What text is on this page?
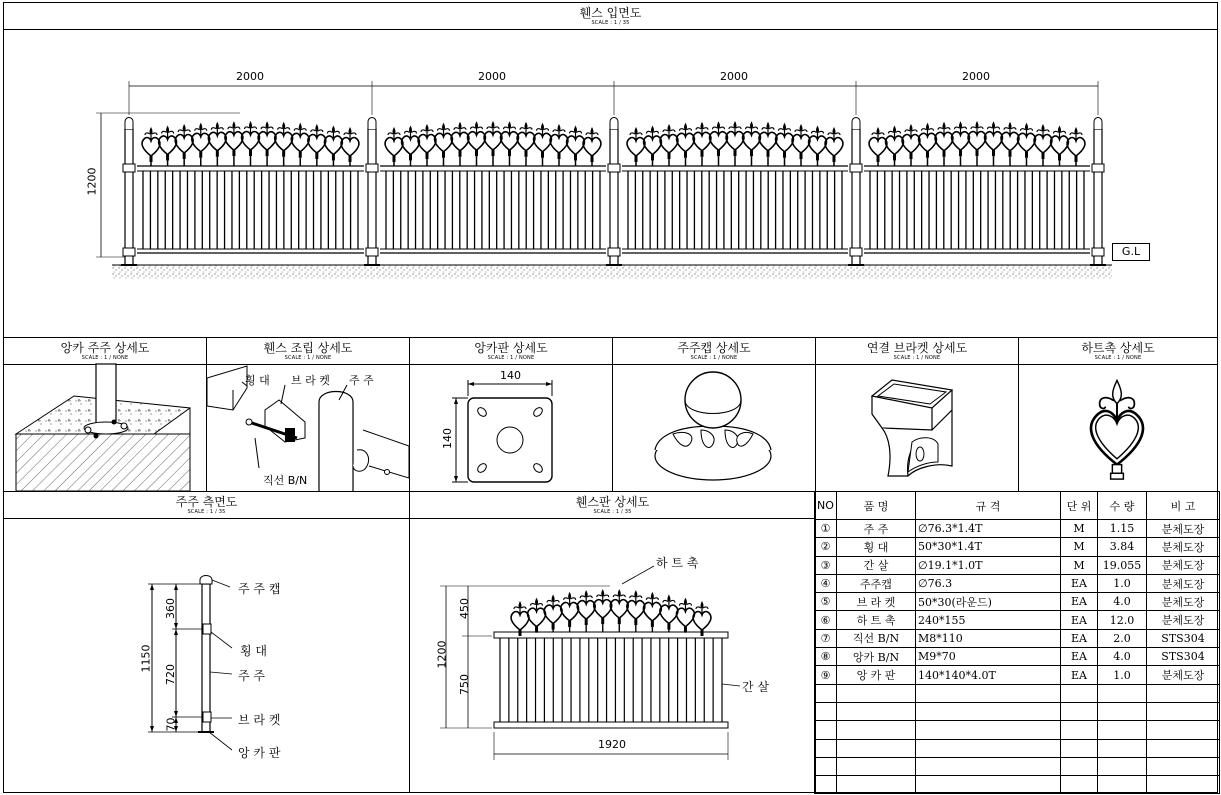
휀스 입면도
SCALE : 1 / 35
2000	2000	2000	2000
1200
G.L
앙카 주주 상세도
SCALE : 1 / NONE
휀스 조립 상세도
SCALE : 1 / NONE
횡 대 브 라 켓 주 주
직선 B/N
앙카판 상세도
SCALE : 1 / NONE
140
140
주주캡 상세도
SCALE : 1 / NONE
연결 브라켓 상세도
SCALE : 1 / NONE
하트촉 상세도
SCALE : 1 / NONE
주주 측면도
SCALE : 1 / 35
1150
360
720
70
주 주 캡
횡 대
주 주
브 라 켓
앙 카 판
휀스판 상세도
SCALE : 1 / 35
1200
450
750
1920
하 트 촉
간 살
NO	품 명	규 격	단 위	수 량	비 고
①	주 주	∅76.3*1.4T	M	1.15	분체도장
②	횡 대	50*30*1.4T	M	3.84	분체도장
③	간 살	∅19.1*1.0T	M	19.055	분체도장
④	주주캡	∅76.3	EA	1.0	분체도장
⑤	브 라 켓	50*30(라운드)	EA	4.0	분체도장
⑥	하 트 촉	240*155	EA	12.0	분체도장
⑦	직선 B/N	M8*110	EA	2.0	STS304
⑧	앙카 B/N	M9*70	EA	4.0	STS304
⑨	앙 카 판	140*140*4.0T	EA	1.0	분체도장
